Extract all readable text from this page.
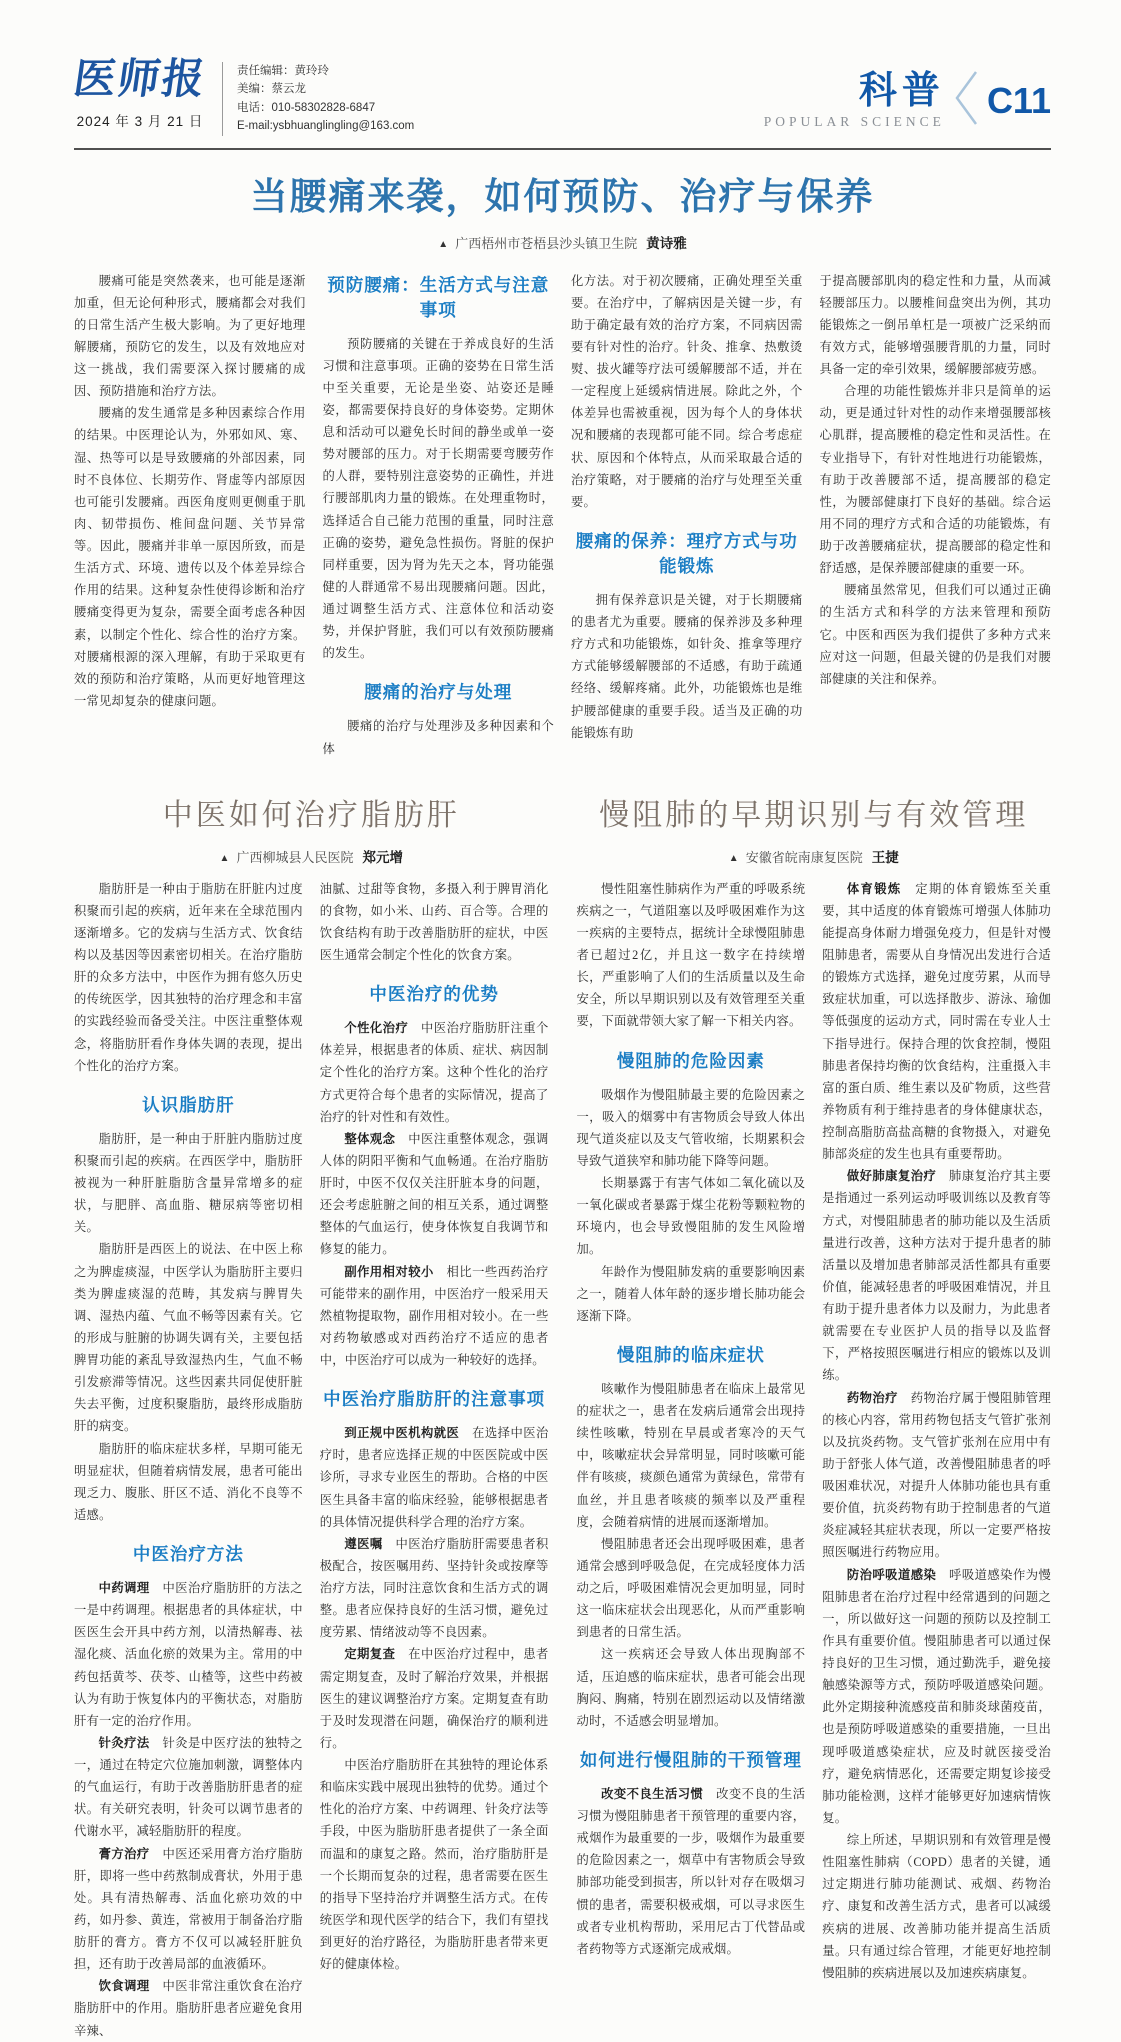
医师报
2024 年 3 月 21 日
责任编辑：黄玲玲
美编：蔡云龙
电话：010-58302828-6847
E-mail:ysbhuanglingling@163.com
科普
POPULAR SCIENCE
C11
当腰痛来袭，如何预防、治疗与保养
▲ 广西梧州市苍梧县沙头镇卫生院 黄诗雅

腰痛可能是突然袭来，也可能是逐渐加重，但无论何种形式，腰痛都会对我们的日常生活产生极大影响。为了更好地理解腰痛，预防它的发生，以及有效地应对这一挑战，我们需要深入探讨腰痛的成因、预防措施和治疗方法。

腰痛的发生通常是多种因素综合作用的结果。中医理论认为，外邪如风、寒、湿、热等可以是导致腰痛的外部因素，同时不良体位、长期劳作、肾虚等内部原因也可能引发腰痛。西医角度则更侧重于肌肉、韧带损伤、椎间盘问题、关节异常等。因此，腰痛并非单一原因所致，而是生活方式、环境、遗传以及个体差异综合作用的结果。这种复杂性使得诊断和治疗腰痛变得更为复杂，需要全面考虑各种因素，以制定个性化、综合性的治疗方案。对腰痛根源的深入理解，有助于采取更有效的预防和治疗策略，从而更好地管理这一常见却复杂的健康问题。

预防腰痛：生活方式与注意事项

预防腰痛的关键在于养成良好的生活习惯和注意事项。正确的姿势在日常生活中至关重要，无论是坐姿、站姿还是睡姿，都需要保持良好的身体姿势。定期休息和活动可以避免长时间的静坐或单一姿势对腰部的压力。对于长期需要弯腰劳作的人群，要特别注意姿势的正确性，并进行腰部肌肉力量的锻炼。在处理重物时，选择适合自己能力范围的重量，同时注意正确的姿势，避免急性损伤。肾脏的保护同样重要，因为肾为先天之本，肾功能强健的人群通常不易出现腰痛问题。因此，通过调整生活方式、注意体位和活动姿势，并保护肾脏，我们可以有效预防腰痛的发生。

腰痛的治疗与处理

腰痛的治疗与处理涉及多种因素和个体

化方法。对于初次腰痛，正确处理至关重要。在治疗中，了解病因是关键一步，有助于确定最有效的治疗方案，不同病因需要有针对性的治疗。针灸、推拿、热敷烫熨、拔火罐等疗法可缓解腰部不适，并在一定程度上延缓病情进展。除此之外，个体差异也需被重视，因为每个人的身体状况和腰痛的表现都可能不同。综合考虑症状、原因和个体特点，从而采取最合适的治疗策略，对于腰痛的治疗与处理至关重要。

腰痛的保养：理疗方式与功能锻炼

拥有保养意识是关键，对于长期腰痛的患者尤为重要。腰痛的保养涉及多种理疗方式和功能锻炼，如针灸、推拿等理疗方式能够缓解腰部的不适感，有助于疏通经络、缓解疼痛。此外，功能锻炼也是维护腰部健康的重要手段。适当及正确的功能锻炼有助

于提高腰部肌肉的稳定性和力量，从而减轻腰部压力。以腰椎间盘突出为例，其功能锻炼之一倒吊单杠是一项被广泛采纳而有效方式，能够增强腰背肌的力量，同时具备一定的牵引效果，缓解腰部疲劳感。

合理的功能性锻炼并非只是简单的运动，更是通过针对性的动作来增强腰部核心肌群，提高腰椎的稳定性和灵活性。在专业指导下，有针对性地进行功能锻炼，有助于改善腰部不适，提高腰部的稳定性，为腰部健康打下良好的基础。综合运用不同的理疗方式和合适的功能锻炼，有助于改善腰痛症状，提高腰部的稳定性和舒适感，是保养腰部健康的重要一环。

腰痛虽然常见，但我们可以通过正确的生活方式和科学的方法来管理和预防它。中医和西医为我们提供了多种方式来应对这一问题，但最关键的仍是我们对腰部健康的关注和保养。

中医如何治疗脂肪肝
▲ 广西柳城县人民医院 郑元增

脂肪肝是一种由于脂肪在肝脏内过度积聚而引起的疾病，近年来在全球范围内逐渐增多。它的发病与生活方式、饮食结构以及基因等因素密切相关。在治疗脂肪肝的众多方法中，中医作为拥有悠久历史的传统医学，因其独特的治疗理念和丰富的实践经验而备受关注。中医注重整体观念，将脂肪肝看作身体失调的表现，提出个性化的治疗方案。

认识脂肪肝

脂肪肝，是一种由于肝脏内脂肪过度积聚而引起的疾病。在西医学中，脂肪肝被视为一种肝脏脂肪含量异常增多的症状，与肥胖、高血脂、糖尿病等密切相关。

脂肪肝是西医上的说法、在中医上称之为脾虚痰湿，中医学认为脂肪肝主要归类为脾虚痰湿的范畴，其发病与脾胃失调、湿热内蕴、气血不畅等因素有关。它的形成与脏腑的协调失调有关，主要包括脾胃功能的紊乱导致湿热内生，气血不畅引发瘀滞等情况。这些因素共同促使肝脏失去平衡，过度积聚脂肪，最终形成脂肪肝的病变。

脂肪肝的临床症状多样，早期可能无明显症状，但随着病情发展，患者可能出现乏力、腹胀、肝区不适、消化不良等不适感。

中医治疗方法

中药调理　中医治疗脂肪肝的方法之一是中药调理。根据患者的具体症状，中医医生会开具中药方剂，以清热解毒、祛湿化痰、活血化瘀的效果为主。常用的中药包括黄芩、茯苓、山楂等，这些中药被认为有助于恢复体内的平衡状态，对脂肪肝有一定的治疗作用。

针灸疗法　针灸是中医疗法的独特之一，通过在特定穴位施加刺激，调整体内的气血运行，有助于改善脂肪肝患者的症状。有关研究表明，针灸可以调节患者的代谢水平，减轻脂肪肝的程度。

膏方治疗　中医还采用膏方治疗脂肪肝，即将一些中药熬制成膏状，外用于患处。具有清热解毒、活血化瘀功效的中药，如丹参、黄连，常被用于制备治疗脂肪肝的膏方。膏方不仅可以减轻肝脏负担，还有助于改善局部的血液循环。

饮食调理　中医非常注重饮食在治疗脂肪肝中的作用。脂肪肝患者应避免食用辛辣、

油腻、过甜等食物，多摄入利于脾胃消化的食物，如小米、山药、百合等。合理的饮食结构有助于改善脂肪肝的症状，中医医生通常会制定个性化的饮食方案。

中医治疗的优势

个性化治疗　中医治疗脂肪肝注重个体差异，根据患者的体质、症状、病因制定个性化的治疗方案。这种个性化的治疗方式更符合每个患者的实际情况，提高了治疗的针对性和有效性。

整体观念　中医注重整体观念，强调人体的阴阳平衡和气血畅通。在治疗脂肪肝时，中医不仅仅关注肝脏本身的问题，还会考虑脏腑之间的相互关系，通过调整整体的气血运行，使身体恢复自我调节和修复的能力。

副作用相对较小　相比一些西药治疗可能带来的副作用，中医治疗一般采用天然植物提取物，副作用相对较小。在一些对药物敏感或对西药治疗不适应的患者中，中医治疗可以成为一种较好的选择。

中医治疗脂肪肝的注意事项

到正规中医机构就医　在选择中医治疗时，患者应选择正规的中医医院或中医诊所，寻求专业医生的帮助。合格的中医医生具备丰富的临床经验，能够根据患者的具体情况提供科学合理的治疗方案。

遵医嘱　中医治疗脂肪肝需要患者积极配合，按医嘱用药、坚持针灸或按摩等治疗方法，同时注意饮食和生活方式的调整。患者应保持良好的生活习惯，避免过度劳累、情绪波动等不良因素。

定期复查　在中医治疗过程中，患者需定期复查，及时了解治疗效果，并根据医生的建议调整治疗方案。定期复查有助于及时发现潜在问题，确保治疗的顺利进行。

中医治疗脂肪肝在其独特的理论体系和临床实践中展现出独特的优势。通过个性化的治疗方案、中药调理、针灸疗法等手段，中医为脂肪肝患者提供了一条全面而温和的康复之路。然而，治疗脂肪肝是一个长期而复杂的过程，患者需要在医生的指导下坚持治疗并调整生活方式。在传统医学和现代医学的结合下，我们有望找到更好的治疗路径，为脂肪肝患者带来更好的健康体检。

慢阻肺的早期识别与有效管理
▲ 安徽省皖南康复医院 王捷

慢性阻塞性肺病作为严重的呼吸系统疾病之一，气道阻塞以及呼吸困难作为这一疾病的主要特点，据统计全球慢阻肺患者已超过2亿，并且这一数字在持续增长，严重影响了人们的生活质量以及生命安全，所以早期识别以及有效管理至关重要，下面就带领大家了解一下相关内容。

慢阻肺的危险因素

吸烟作为慢阻肺最主要的危险因素之一，吸入的烟雾中有害物质会导致人体出现气道炎症以及支气管收缩，长期累积会导致气道狭窄和肺功能下降等问题。

长期暴露于有害气体如二氧化硫以及一氧化碳或者暴露于煤尘花粉等颗粒物的环境内，也会导致慢阻肺的发生风险增加。

年龄作为慢阻肺发病的重要影响因素之一，随着人体年龄的逐步增长肺功能会逐渐下降。

慢阻肺的临床症状

咳嗽作为慢阻肺患者在临床上最常见的症状之一，患者在发病后通常会出现持续性咳嗽，特别在早晨或者寒冷的天气中，咳嗽症状会异常明显，同时咳嗽可能伴有咳痰，痰颜色通常为黄绿色，常带有血丝，并且患者咳痰的频率以及严重程度，会随着病情的进展而逐渐增加。

慢阻肺患者还会出现呼吸困难，患者通常会感到呼吸急促，在完成轻度体力活动之后，呼吸困难情况会更加明显，同时这一临床症状会出现恶化，从而严重影响到患者的日常生活。

这一疾病还会导致人体出现胸部不适，压迫感的临床症状，患者可能会出现胸闷、胸痛，特别在剧烈运动以及情绪激动时，不适感会明显增加。

如何进行慢阻肺的干预管理

改变不良生活习惯　改变不良的生活习惯为慢阻肺患者干预管理的重要内容，戒烟作为最重要的一步，吸烟作为最重要的危险因素之一，烟草中有害物质会导致肺部功能受到损害，所以针对存在吸烟习惯的患者，需要积极戒烟，可以寻求医生或者专业机构帮助，采用尼古丁代替品或者药物等方式逐渐完成戒烟。

体育锻炼　定期的体育锻炼至关重要，其中适度的体育锻炼可增强人体肺功能提高身体耐力增强免疫力，但是针对慢阻肺患者，需要从自身情况出发进行合适的锻炼方式选择，避免过度劳累，从而导致症状加重，可以选择散步、游泳、瑜伽等低强度的运动方式，同时需在专业人士下指导进行。保持合理的饮食控制，慢阻肺患者保持均衡的饮食结构，注重摄入丰富的蛋白质、维生素以及矿物质，这些营养物质有利于维持患者的身体健康状态，控制高脂肪高盐高糖的食物摄入，对避免肺部炎症的发生也具有重要帮助。

做好肺康复治疗　肺康复治疗其主要是指通过一系列运动呼吸训练以及教育等方式，对慢阻肺患者的肺功能以及生活质量进行改善，这种方法对于提升患者的肺活量以及增加患者肺部灵活性都具有重要价值，能减轻患者的呼吸困难情况，并且有助于提升患者体力以及耐力，为此患者就需要在专业医护人员的指导以及监督下，严格按照医嘱进行相应的锻炼以及训练。

药物治疗　药物治疗属于慢阻肺管理的核心内容，常用药物包括支气管扩张剂以及抗炎药物。支气管扩张剂在应用中有助于舒张人体气道，改善慢阻肺患者的呼吸困难状况，对提升人体肺功能也具有重要价值，抗炎药物有助于控制患者的气道炎症减轻其症状表现，所以一定要严格按照医嘱进行药物应用。

防治呼吸道感染　呼吸道感染作为慢阻肺患者在治疗过程中经常遇到的问题之一，所以做好这一问题的预防以及控制工作具有重要价值。慢阻肺患者可以通过保持良好的卫生习惯，通过勤洗手，避免接触感染源等方式，预防呼吸道感染问题。此外定期接种流感疫苗和肺炎球菌疫苗，也是预防呼吸道感染的重要措施，一旦出现呼吸道感染症状，应及时就医接受治疗，避免病情恶化，还需要定期复诊接受肺功能检测，这样才能够更好加速病情恢复。

综上所述，早期识别和有效管理是慢性阻塞性肺病（COPD）患者的关键，通过定期进行肺功能测试、戒烟、药物治疗、康复和改善生活方式，患者可以减缓疾病的进展、改善肺功能并提高生活质量。只有通过综合管理，才能更好地控制慢阻肺的疾病进展以及加速疾病康复。
